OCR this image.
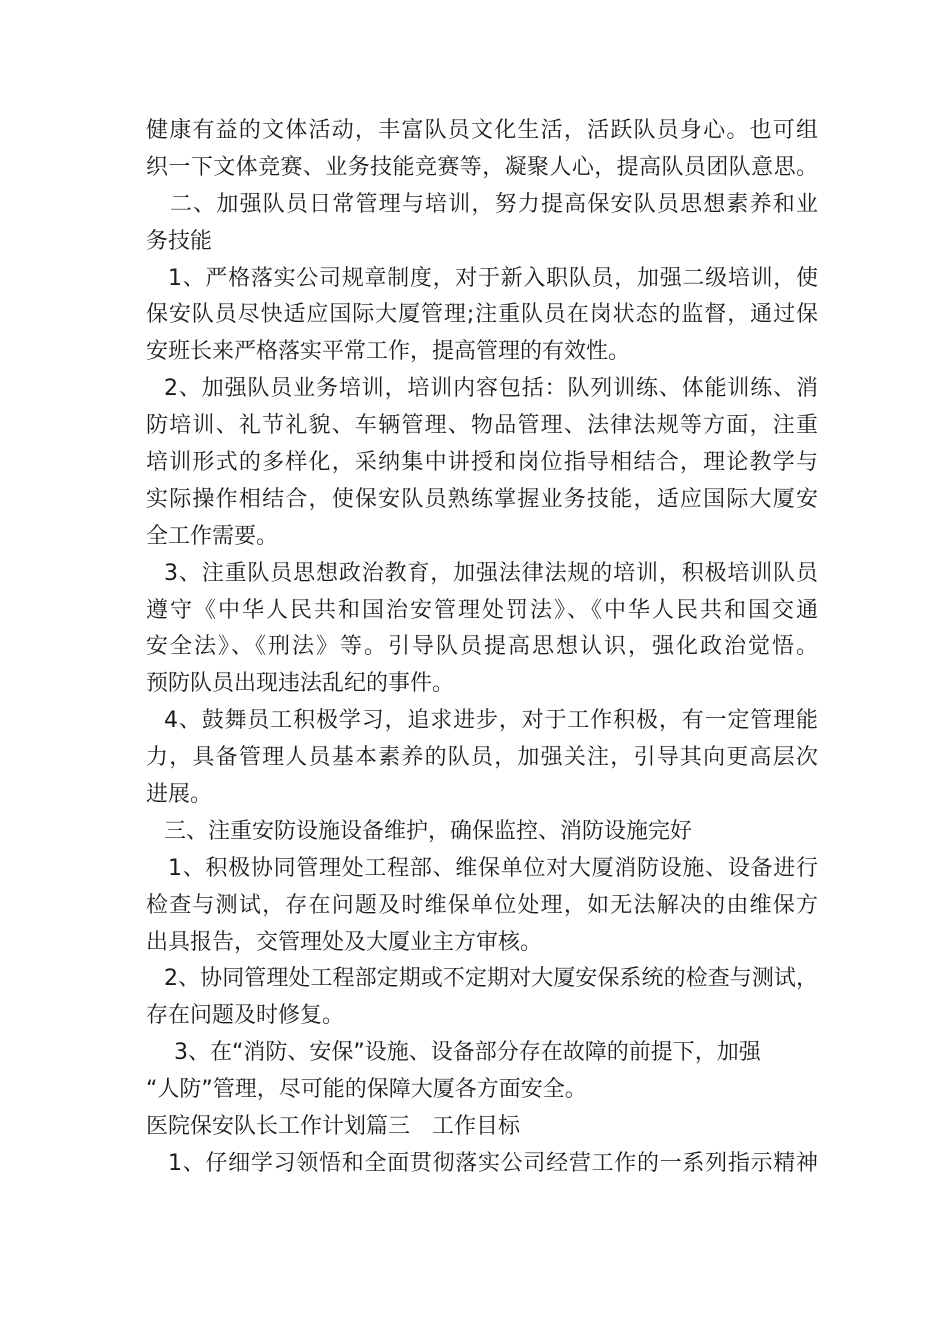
健康有益的文体活动，丰富队员文化生活，活跃队员身心。也可组
织一下文体竞赛、业务技能竞赛等，凝聚人心，提高队员团队意思。
二、加强队员日常管理与培训，努力提高保安队员思想素养和业
务技能
1、严格落实公司规章制度，对于新入职队员，加强二级培训，使
保安队员尽快适应国际大厦管理;注重队员在岗状态的监督，通过保
安班长来严格落实平常工作，提高管理的有效性。
2、加强队员业务培训，培训内容包括：队列训练、体能训练、消
防培训、礼节礼貌、车辆管理、物品管理、法律法规等方面，注重
培训形式的多样化，采纳集中讲授和岗位指导相结合，理论教学与
实际操作相结合，使保安队员熟练掌握业务技能，适应国际大厦安
全工作需要。
3、注重队员思想政治教育，加强法律法规的培训，积极培训队员
遵守《中华人民共和国治安管理处罚法》、《中华人民共和国交通
安全法》、《刑法》等。引导队员提高思想认识，强化政治觉悟。
预防队员出现违法乱纪的事件。
4、鼓舞员工积极学习，追求进步，对于工作积极，有一定管理能
力，具备管理人员基本素养的队员，加强关注，引导其向更高层次
进展。
三、注重安防设施设备维护，确保监控、消防设施完好
1、积极协同管理处工程部、维保单位对大厦消防设施、设备进行
检查与测试，存在问题及时维保单位处理，如无法解决的由维保方
出具报告，交管理处及大厦业主方审核。
2、协同管理处工程部定期或不定期对大厦安保系统的检查与测试，
存在问题及时修复。
3、在“消防、安保”设施、设备部分存在故障的前提下，加强
“人防”管理，尽可能的保障大厦各方面安全。
医院保安队长工作计划篇三　工作目标
1、仔细学习领悟和全面贯彻落实公司经营工作的一系列指示精神
